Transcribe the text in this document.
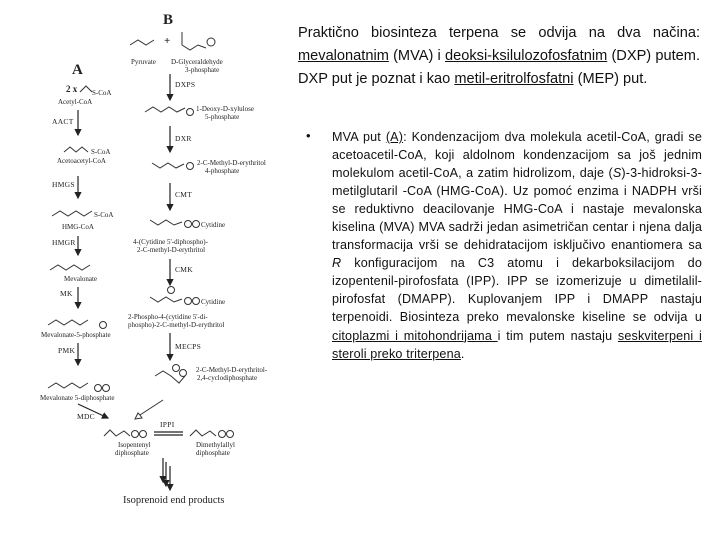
B
A	Pyruvate
+
D-Glyceraldehyde
3-phosphate
DXPS
1-Deoxy-D-xylulose
5-phosphate
DXR
2-C-Methyl-D-erythritol
4-phosphate
CMT
Cytidine
4-(Cytidine 5'-diphospho)-
2-C-methyl-D-erythritol
CMK
Cytidine
2-Phospho-4-(cytidine 5'-di-
phospho)-2-C-methyl-D-erythritol
MECPS
2-C-Methyl-D-erythritol-
2,4-cyclodiphosphate
2 x S-CoA
Acetyl-CoA
AACT
S-CoA
Acetoacetyl-CoA
HMGS
S-CoA
HMG-CoA
HMGR
Mevalonate
MK
Mevalonate-5-phosphate
PMK
Mevalonate 5-diphosphate
MDC
Isopentenyl
diphosphate
IPPI
Dimethylallyl
diphosphate
Isoprenoid end products
Praktično biosinteza terpena se odvija na dva načina: mevalonatnim (MVA) i deoksi-ksilulozofosfatnim (DXP) putem. DXP put je poznat i kao metil-eritrolfosfatni (MEP) put.
• MVA put (A): Kondenzacijom dva molekula acetil-CoA, gradi se acetoacetil-CoA, koji aldolnom kondenzacijom sa još jednim molekulom acetil-CoA, a zatim hidrolizom, daje (S)-3-hidroksi-3-metilglutaril -CoA (HMG-CoA). Uz pomoć enzima i NADPH vrši se reduktivno deacilovanje HMG-CoA i nastaje mevalonska kiselina (MVA) MVA sadrži jedan asimetričan centar i njena dalja transformacija vrši se dehidratacijom isključivo enantiomera sa R konfiguracijom na C3 atomu i dekarboksilacijom do izopentenil-pirofosfata (IPP). IPP se izomerizuje u dimetilalil-pirofosfat (DMAPP). Kuplovanjem IPP i DMAPP nastaju terpenoidi. Biosinteza preko mevalonske kiseline se odvija u citoplazmi i mitohondrijama i tim putem nastaju seskviterpeni i steroli preko triterpena.
